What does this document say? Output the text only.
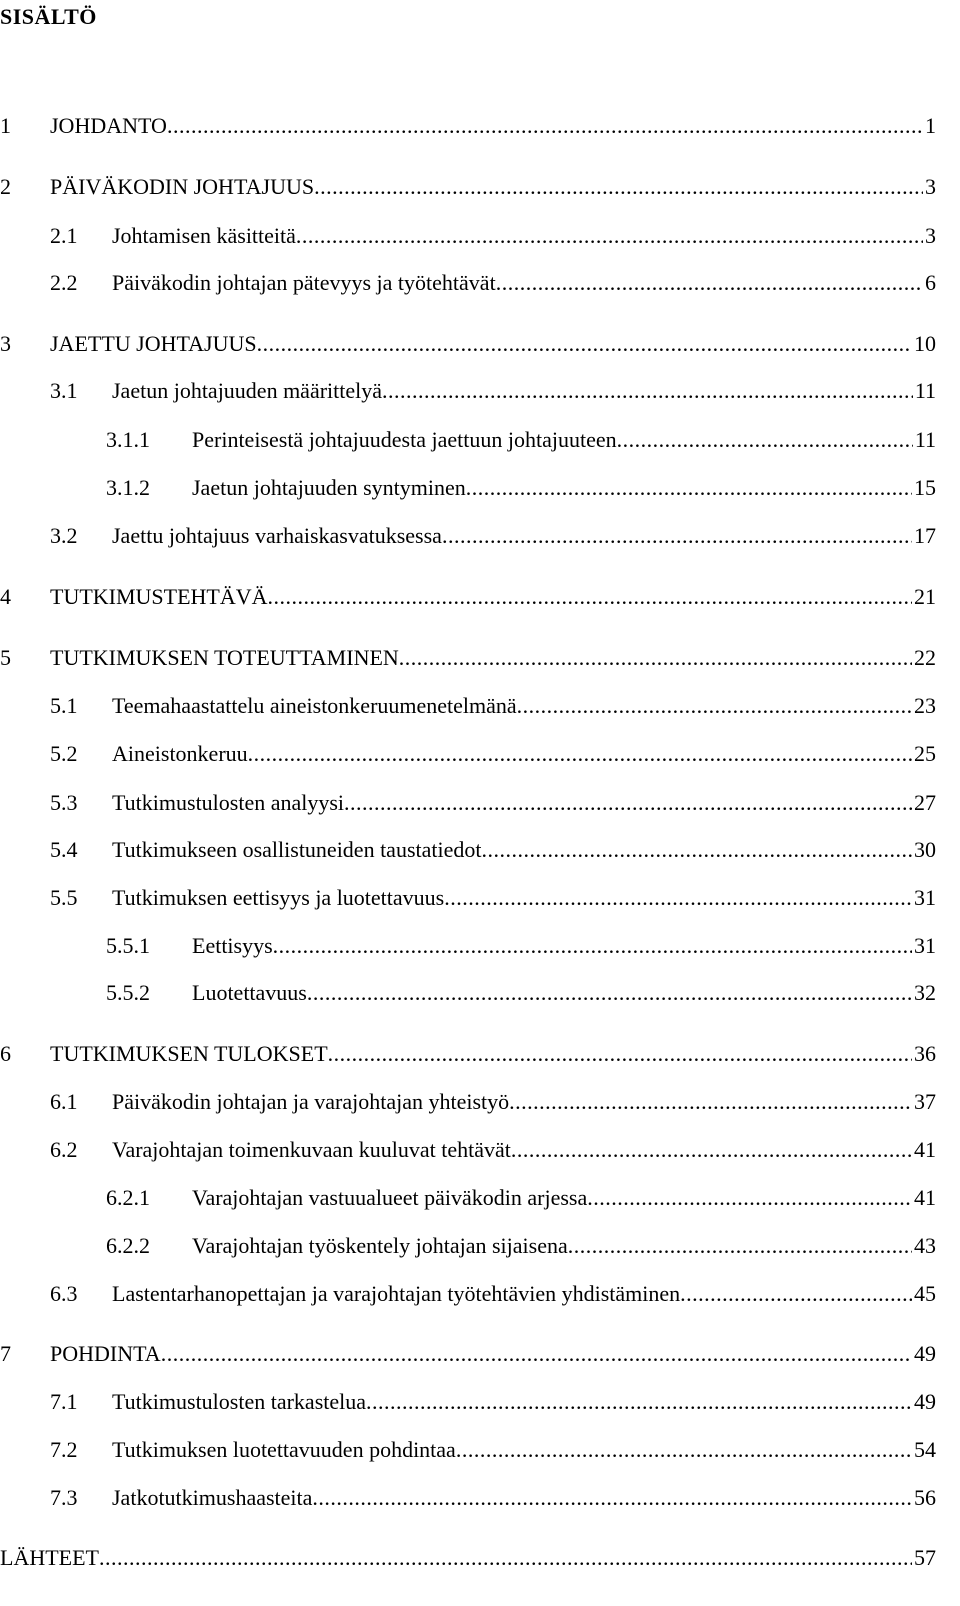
SISÄLTÖ
1	JOHDANTO .....	1
2	PÄIVÄKODIN JOHTAJUUS .....	3
2.1	Johtamisen käsitteitä .....	3
2.2	Päiväkodin johtajan pätevyys ja työtehtävät .....	6
3	JAETTU JOHTAJUUS .....	10
3.1	Jaetun johtajuuden määrittelyä .....	11
3.1.1	Perinteisestä johtajuudesta jaettuun johtajuuteen .....	11
3.1.2	Jaetun johtajuuden syntyminen .....	15
3.2	Jaettu johtajuus varhaiskasvatuksessa .....	17
4	TUTKIMUSTEHTÄVÄ .....	21
5	TUTKIMUKSEN TOTEUTTAMINEN .....	22
5.1	Teemahaastattelu aineistonkeruumenetelmänä .....	23
5.2	Aineistonkeruu .....	25
5.3	Tutkimustulosten analyysi .....	27
5.4	Tutkimukseen osallistuneiden taustatiedot .....	30
5.5	Tutkimuksen eettisyys ja luotettavuus .....	31
5.5.1	Eettisyys .....	31
5.5.2	Luotettavuus .....	32
6	TUTKIMUKSEN TULOKSET .....	36
6.1	Päiväkodin johtajan ja varajohtajan yhteistyö .....	37
6.2	Varajohtajan toimenkuvaan kuuluvat tehtävät .....	41
6.2.1	Varajohtajan vastuualueet päiväkodin arjessa .....	41
6.2.2	Varajohtajan työskentely johtajan sijaisena .....	43
6.3	Lastentarhanopettajan ja varajohtajan työtehtävien yhdistäminen .....	45
7	POHDINTA .....	49
7.1	Tutkimustulosten tarkastelua .....	49
7.2	Tutkimuksen luotettavuuden pohdintaa .....	54
7.3	Jatkotutkimushaasteita .....	56
LÄHTEET .....	57
